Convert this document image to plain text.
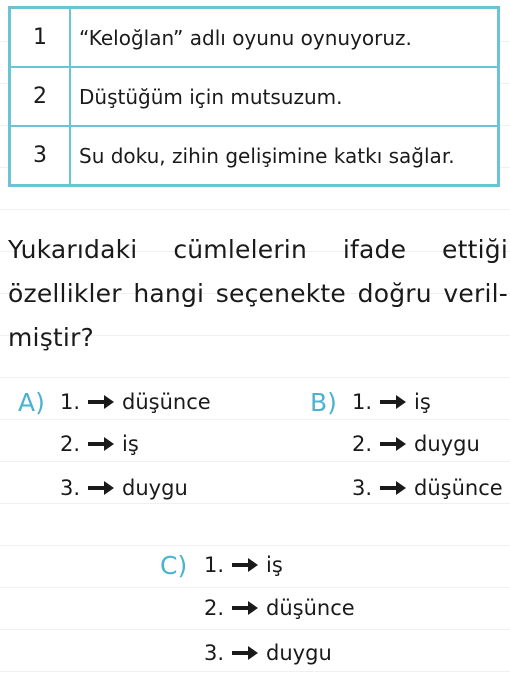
1	“Keloğlan” adlı oyunu oynuyoruz.
2	Düştüğüm için mutsuzum.
3	Su doku, zihin gelişimine katkı sağlar.
Yukarıdaki cümlelerin ifade ettiği özellikler hangi seçenekte doğru veril- miştir?
A) 1. düşünce
2. iş
3. duygu
B) 1. iş
2. duygu
3. düşünce
C) 1. iş
2. düşünce
3. duygu
